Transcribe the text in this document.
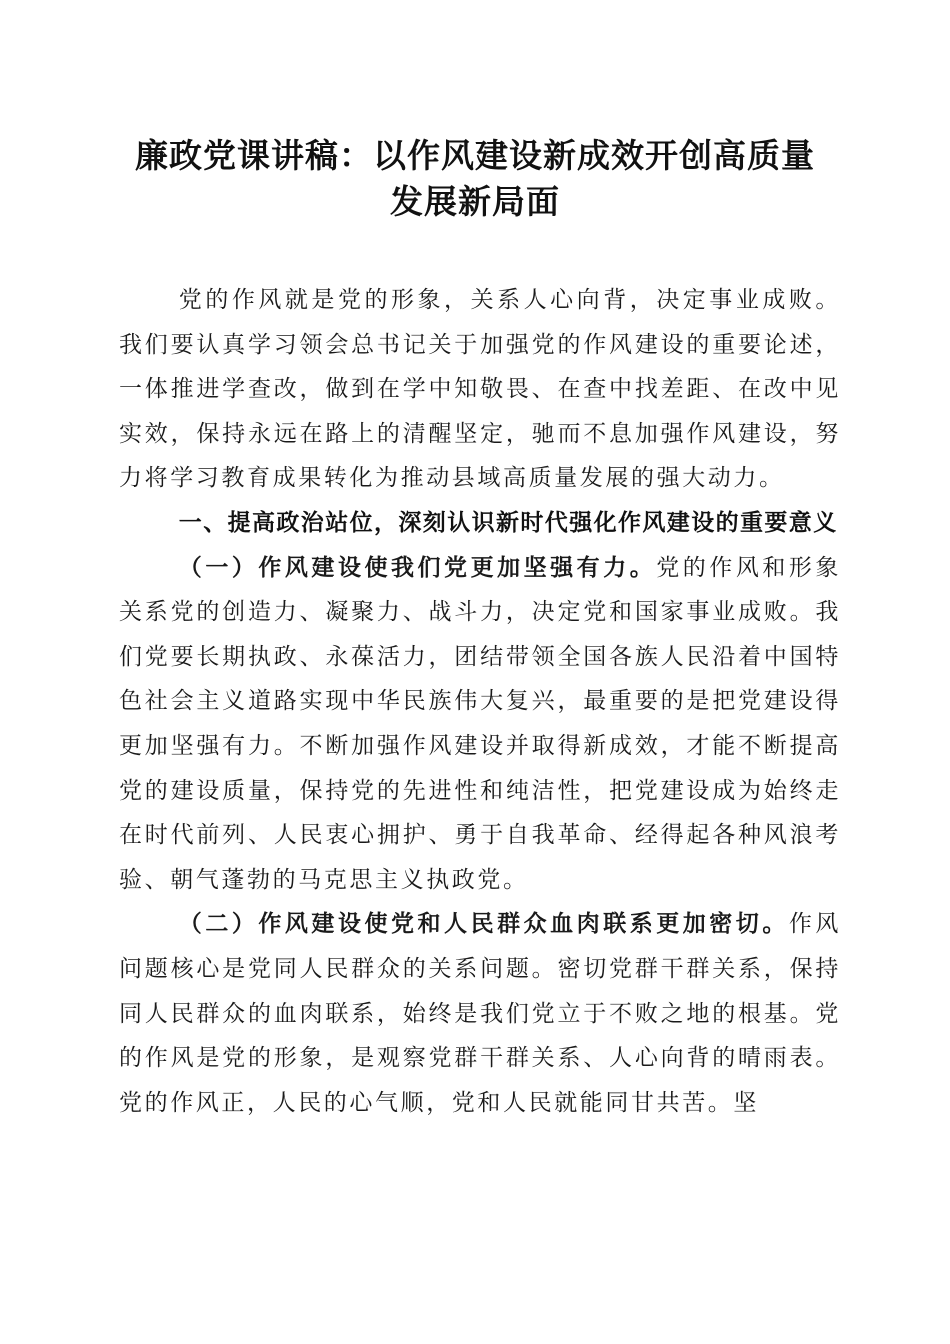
廉政党课讲稿：以作风建设新成效开创高质量
发展新局面

党的作风就是党的形象，关系人心向背，决定事业成败。我们要认真学习领会总书记关于加强党的作风建设的重要论述，一体推进学查改，做到在学中知敬畏、在查中找差距、在改中见实效，保持永远在路上的清醒坚定，驰而不息加强作风建设，努力将学习教育成果转化为推动县域高质量发展的强大动力。

一、提高政治站位，深刻认识新时代强化作风建设的重要意义

（一）作风建设使我们党更加坚强有力。党的作风和形象关系党的创造力、凝聚力、战斗力，决定党和国家事业成败。我们党要长期执政、永葆活力，团结带领全国各族人民沿着中国特色社会主义道路实现中华民族伟大复兴，最重要的是把党建设得更加坚强有力。不断加强作风建设并取得新成效，才能不断提高党的建设质量，保持党的先进性和纯洁性，把党建设成为始终走在时代前列、人民衷心拥护、勇于自我革命、经得起各种风浪考验、朝气蓬勃的马克思主义执政党。

（二）作风建设使党和人民群众血肉联系更加密切。作风问题核心是党同人民群众的关系问题。密切党群干群关系，保持同人民群众的血肉联系，始终是我们党立于不败之地的根基。党的作风是党的形象，是观察党群干群关系、人心向背的晴雨表。党的作风正，人民的心气顺，党和人民就能同甘共苦。坚
